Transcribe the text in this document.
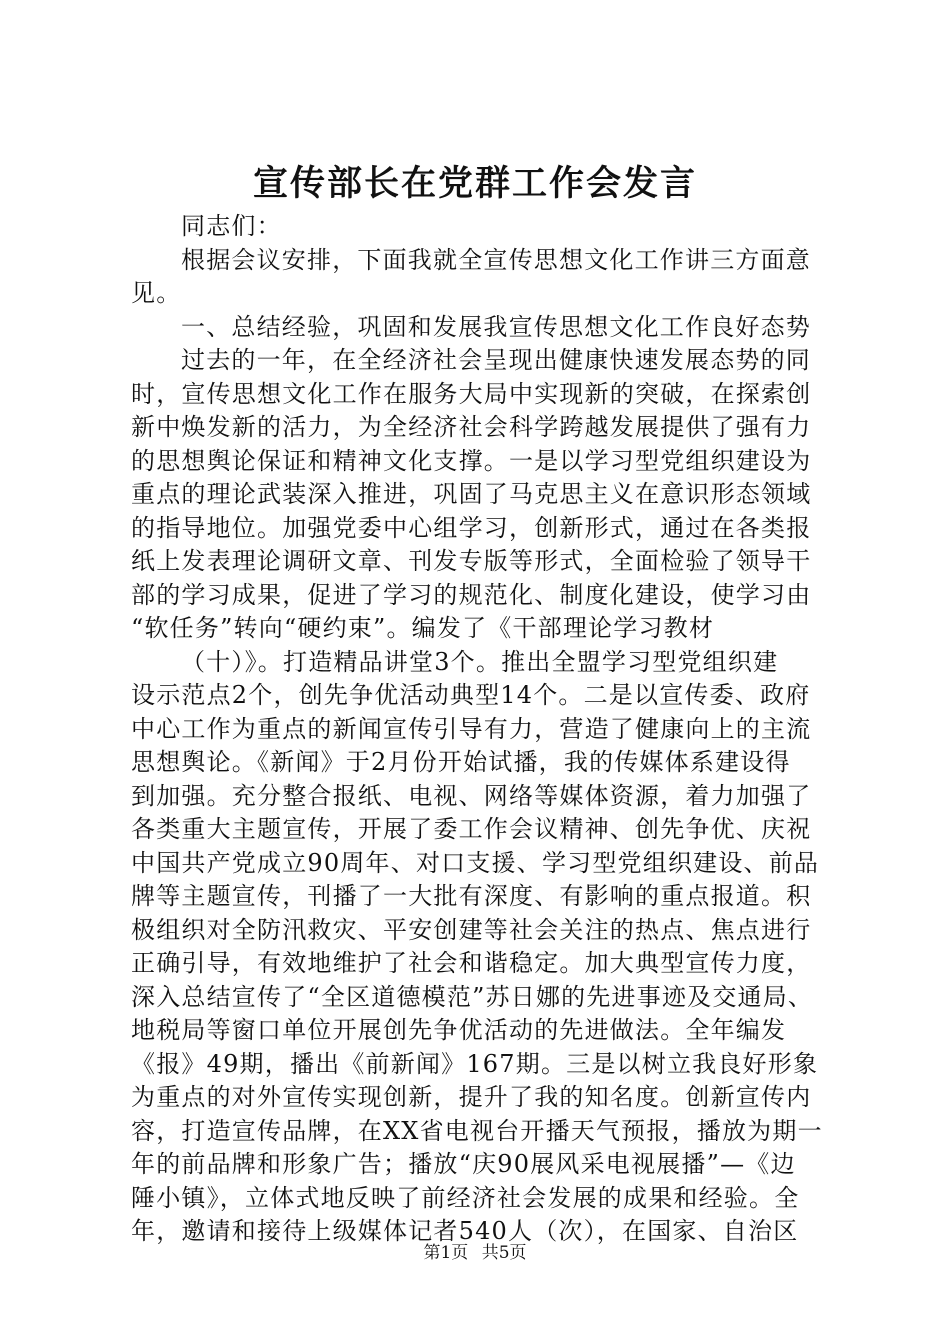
宣传部长在党群工作会发言
同志们：
根据会议安排，下面我就全宣传思想文化工作讲三方面意
见。
一、总结经验，巩固和发展我宣传思想文化工作良好态势
过去的一年，在全经济社会呈现出健康快速发展态势的同
时，宣传思想文化工作在服务大局中实现新的突破，在探索创
新中焕发新的活力，为全经济社会科学跨越发展提供了强有力
的思想舆论保证和精神文化支撑。一是以学习型党组织建设为
重点的理论武装深入推进，巩固了马克思主义在意识形态领域
的指导地位。加强党委中心组学习，创新形式，通过在各类报
纸上发表理论调研文章、刊发专版等形式，全面检验了领导干
部的学习成果，促进了学习的规范化、制度化建设，使学习由
“软任务”转向“硬约束”。编发了《干部理论学习教材
（十）》。打造精品讲堂3个。推出全盟学习型党组织建
设示范点2个，创先争优活动典型14个。二是以宣传委、政府
中心工作为重点的新闻宣传引导有力，营造了健康向上的主流
思想舆论。《新闻》于2月份开始试播，我的传媒体系建设得
到加强。充分整合报纸、电视、网络等媒体资源，着力加强了
各类重大主题宣传，开展了委工作会议精神、创先争优、庆祝
中国共产党成立90周年、对口支援、学习型党组织建设、前品
牌等主题宣传，刊播了一大批有深度、有影响的重点报道。积
极组织对全防汛救灾、平安创建等社会关注的热点、焦点进行
正确引导，有效地维护了社会和谐稳定。加大典型宣传力度，
深入总结宣传了“全区道德模范”苏日娜的先进事迹及交通局、
地税局等窗口单位开展创先争优活动的先进做法。全年编发
《报》49期，播出《前新闻》167期。三是以树立我良好形象
为重点的对外宣传实现创新，提升了我的知名度。创新宣传内
容，打造宣传品牌，在XX省电视台开播天气预报，播放为期一
年的前品牌和形象广告；播放“庆90展风采电视展播”—《边
陲小镇》，立体式地反映了前经济社会发展的成果和经验。全
年，邀请和接待上级媒体记者540人（次），在国家、自治区
第1页 共5页
